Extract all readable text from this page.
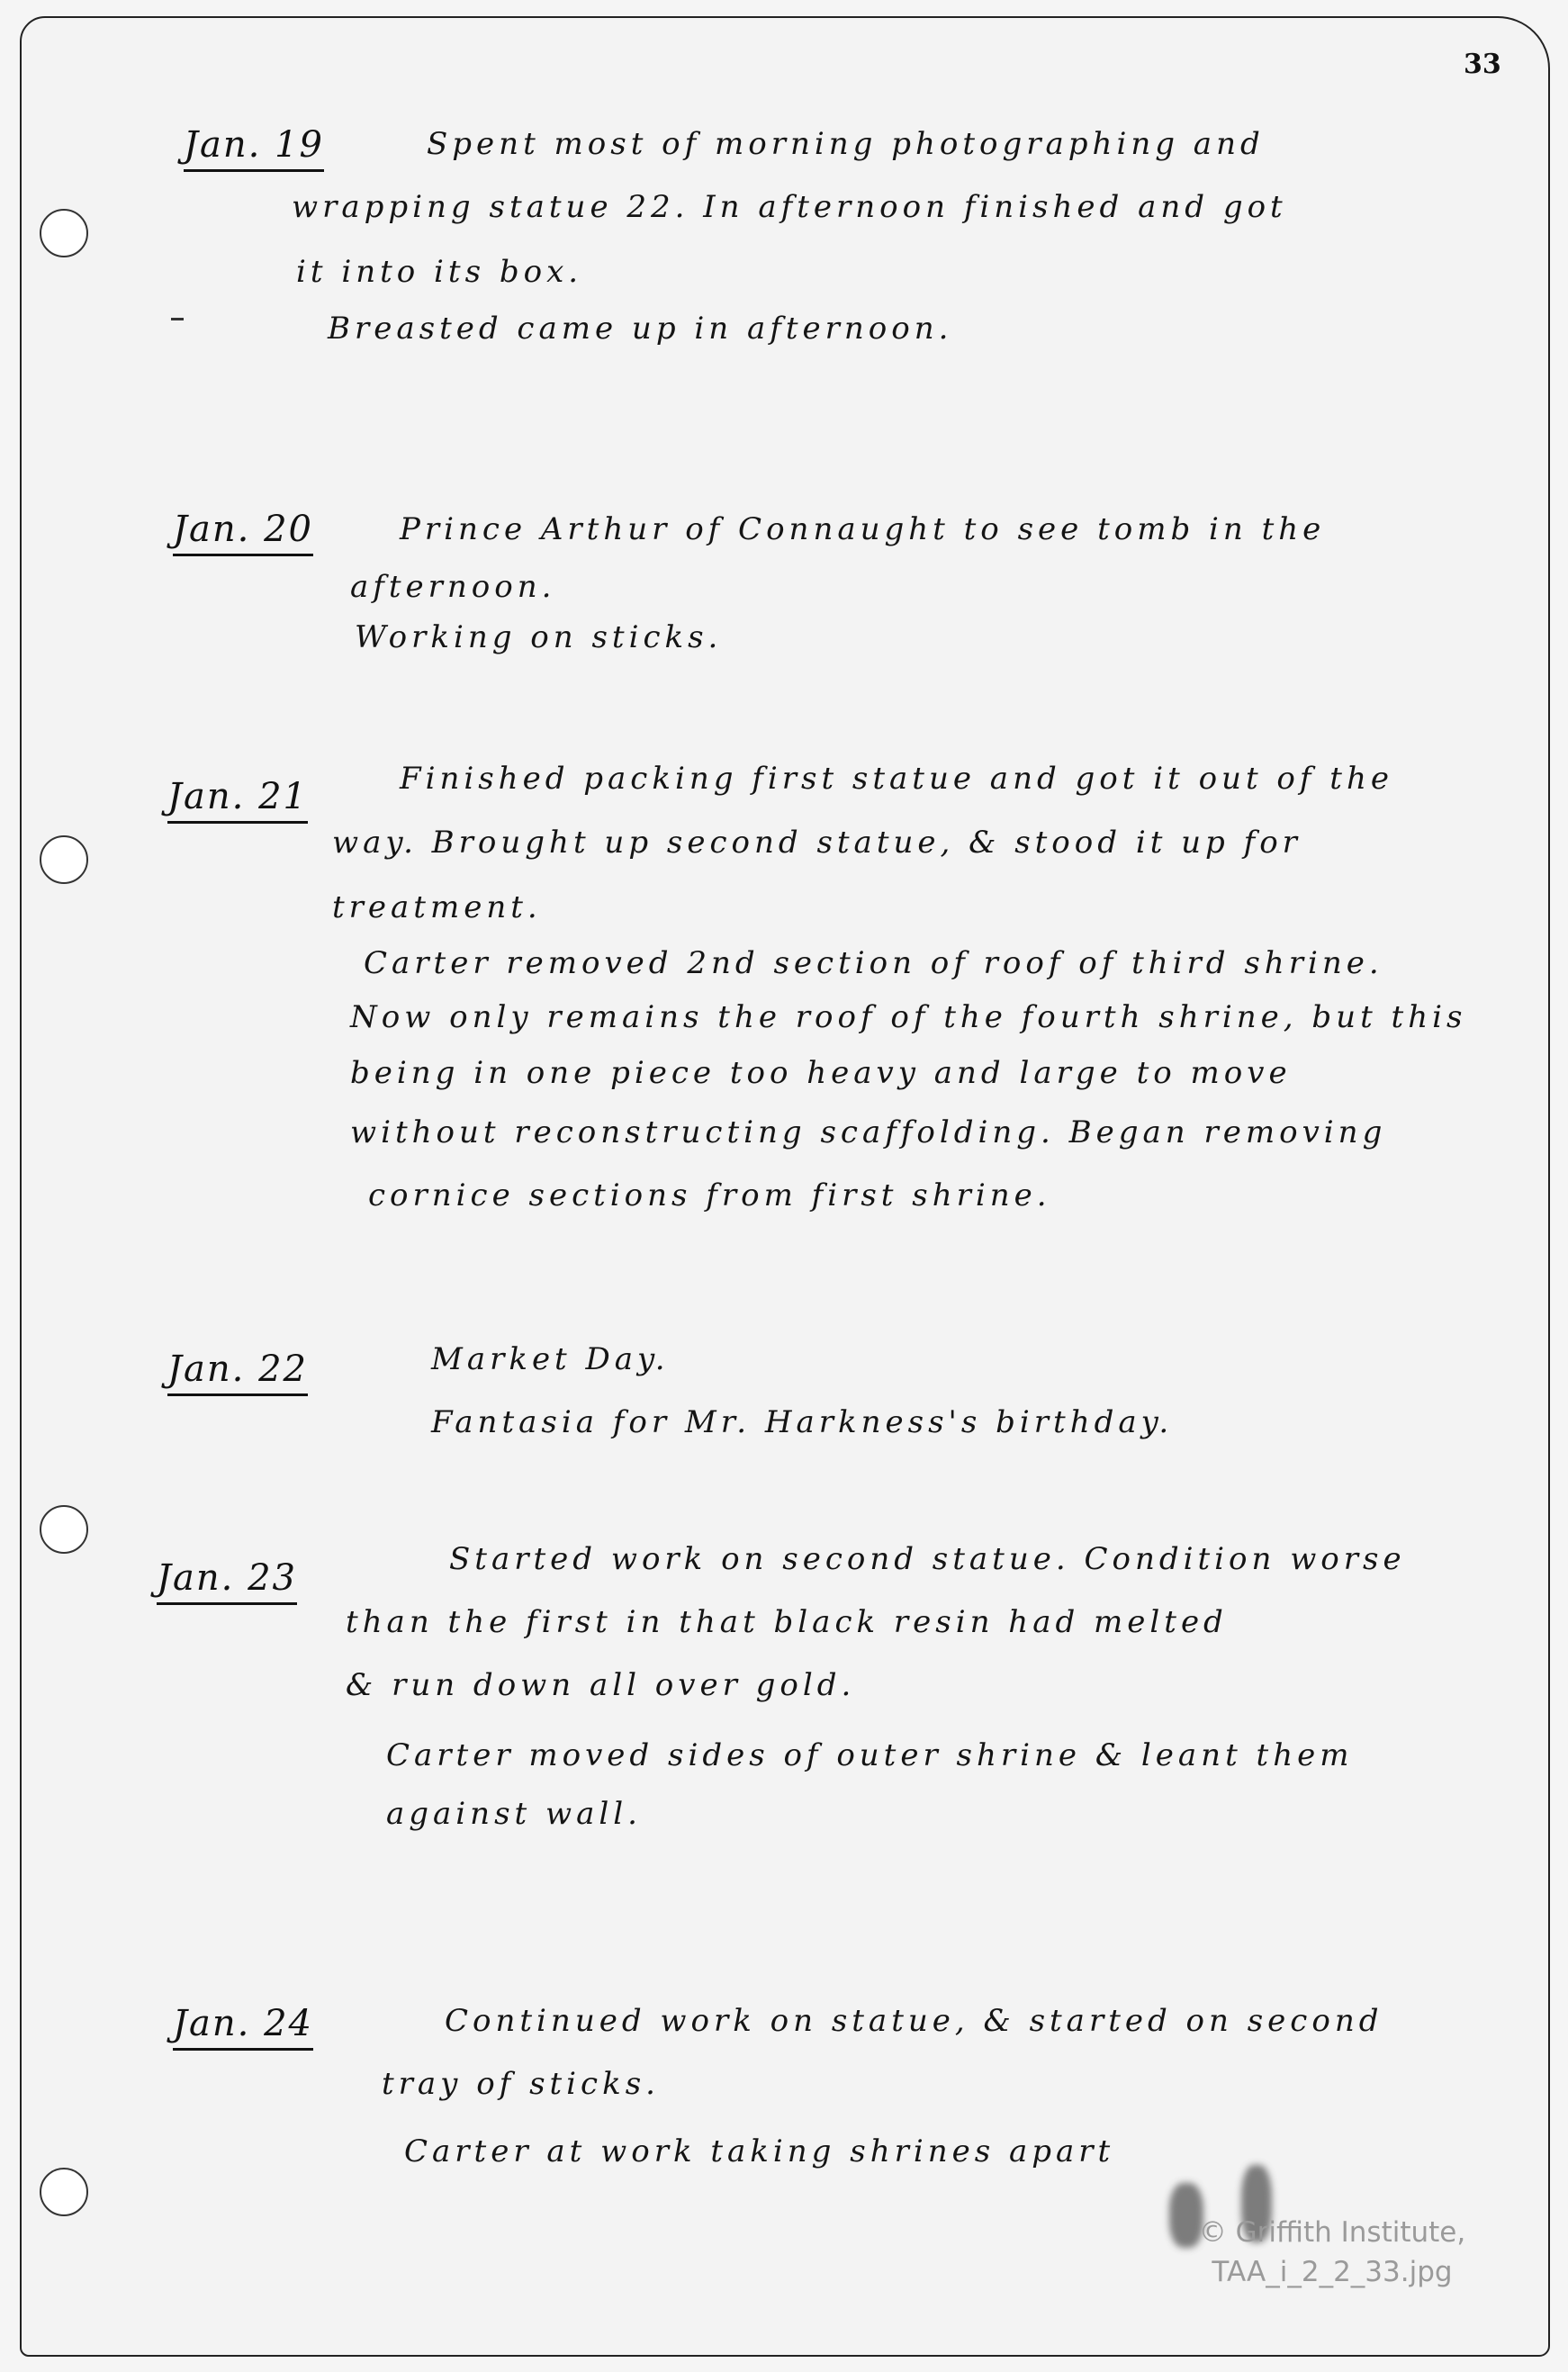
33
Jan. 19	Spent most of morning photographing and
wrapping statue 22. In afternoon finished and got
it into its box.
Breasted came up in afternoon.
Jan. 20	Prince Arthur of Connaught to see tomb in the
afternoon.
Working on sticks.
Jan. 21	Finished packing first statue and got it out of the
way. Brought up second statue, & stood it up for
treatment.
Carter removed 2nd section of roof of third shrine.
Now only remains the roof of the fourth shrine, but this
being in one piece too heavy and large to move
without reconstructing scaffolding. Began removing
cornice sections from first shrine.
Jan. 22	Market Day.
Fantasia for Mr. Harkness's birthday.
Jan. 23	Started work on second statue. Condition worse
than the first in that black resin had melted
& run down all over gold.
Carter moved sides of outer shrine & leant them
against wall.
Jan. 24	Continued work on statue, & started on second
tray of sticks.
Carter at work taking shrines apart
© Griffith Institute,
TAA_i_2_2_33.jpg
